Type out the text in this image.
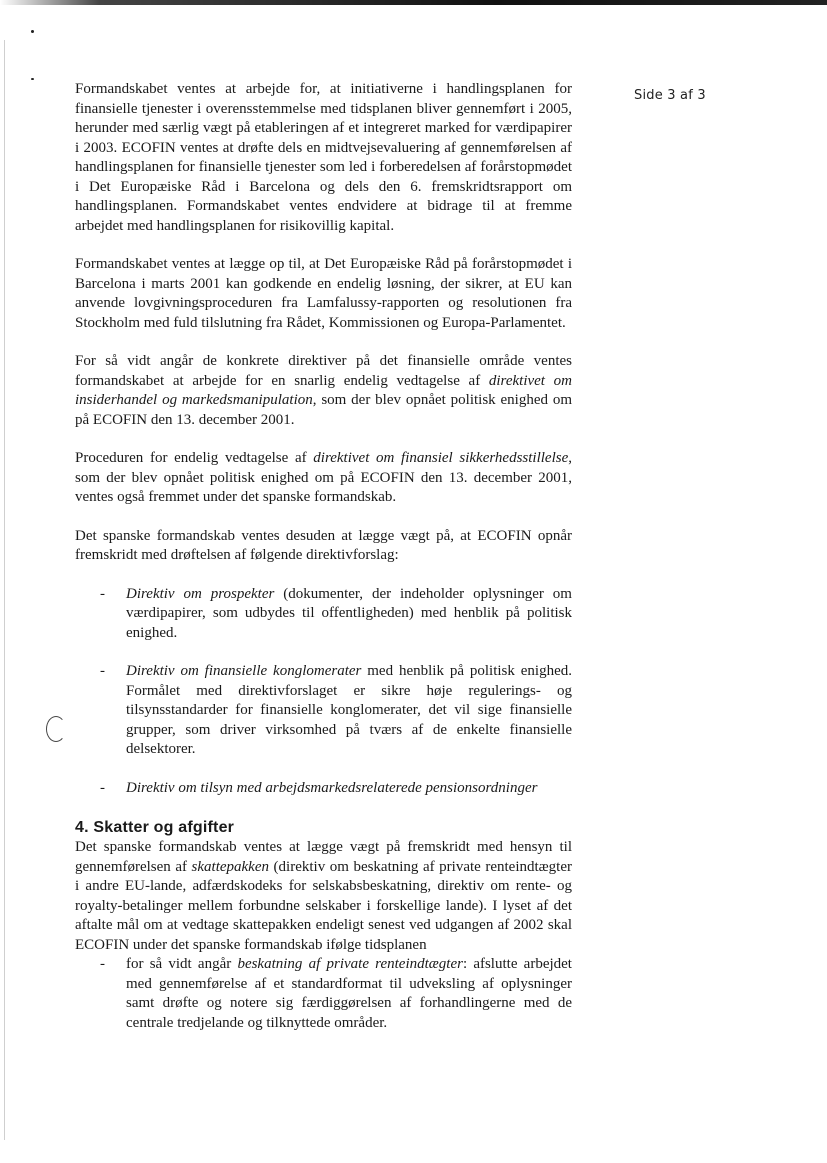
Side 3 af 3

Formandskabet ventes at arbejde for, at initiativerne i handlingsplanen for finansielle tjenester i overensstemmelse med tidsplanen bliver gennemført i 2005, herunder med særlig vægt på etableringen af et integreret marked for værdipapirer i 2003. ECOFIN ventes at drøfte dels en midtvejsevaluering af gennemførelsen af handlingsplanen for finansielle tjenester som led i forberedelsen af forårstopmødet i Det Europæiske Råd i Barcelona og dels den 6. fremskridtsrapport om handlingsplanen. Formandskabet ventes endvidere at bidrage til at fremme arbejdet med handlingsplanen for risikovillig kapital.

Formandskabet ventes at lægge op til, at Det Europæiske Råd på forårstopmødet i Barcelona i marts 2001 kan godkende en endelig løsning, der sikrer, at EU kan anvende lovgivningsproceduren fra Lamfalussy-rapporten og resolutionen fra Stockholm med fuld tilslutning fra Rådet, Kommissionen og Europa-Parlamentet.

For så vidt angår de konkrete direktiver på det finansielle område ventes formandskabet at arbejde for en snarlig endelig vedtagelse af direktivet om insiderhandel og markedsmanipulation, som der blev opnået politisk enighed om på ECOFIN den 13. december 2001.

Proceduren for endelig vedtagelse af direktivet om finansiel sikkerhedsstillelse, som der blev opnået politisk enighed om på ECOFIN den 13. december 2001, ventes også fremmet under det spanske formandskab.

Det spanske formandskab ventes desuden at lægge vægt på, at ECOFIN opnår fremskridt med drøftelsen af følgende direktivforslag:

- Direktiv om prospekter (dokumenter, der indeholder oplysninger om værdipapirer, som udbydes til offentligheden) med henblik på politisk enighed.
- Direktiv om finansielle konglomerater med henblik på politisk enighed. Formålet med direktivforslaget er sikre høje regulerings- og tilsynsstandarder for finansielle konglomerater, det vil sige finansielle grupper, som driver virksomhed på tværs af de enkelte finansielle delsektorer.
- Direktiv om tilsyn med arbejdsmarkedsrelaterede pensionsordninger
4. Skatter og afgifter

Det spanske formandskab ventes at lægge vægt på fremskridt med hensyn til gennemførelsen af skattepakken (direktiv om beskatning af private renteindtægter i andre EU-lande, adfærdskodeks for selskabsbeskatning, direktiv om rente- og royalty-betalinger mellem forbundne selskaber i forskellige lande). I lyset af det aftalte mål om at vedtage skattepakken endeligt senest ved udgangen af 2002 skal ECOFIN under det spanske formandskab ifølge tidsplanen

- for så vidt angår beskatning af private renteindtægter: afslutte arbejdet med gennemførelse af et standardformat til udveksling af oplysninger samt drøfte og notere sig færdiggørelsen af forhandlingerne med de centrale tredjelande og tilknyttede områder.
